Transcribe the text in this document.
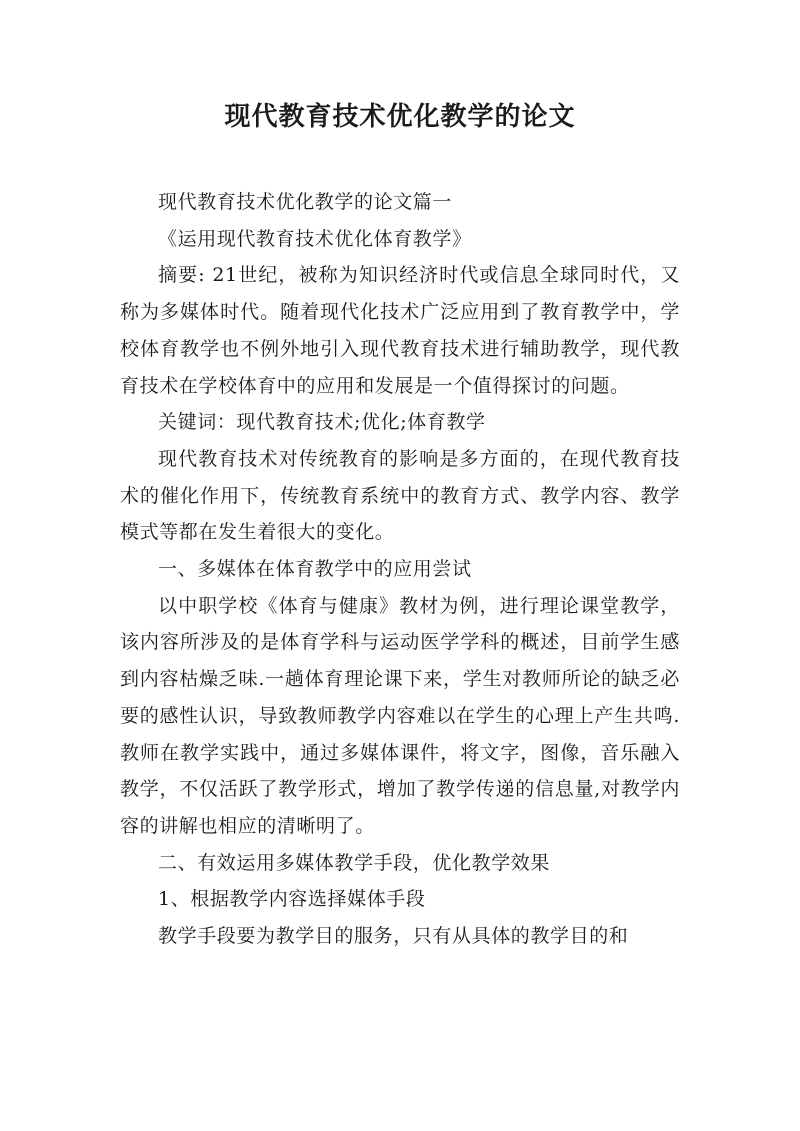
现代教育技术优化教学的论文

现代教育技术优化教学的论文篇一

《运用现代教育技术优化体育教学》

摘要: 21世纪，被称为知识经济时代或信息全球同时代，又称为多媒体时代。随着现代化技术广泛应用到了教育教学中，学校体育教学也不例外地引入现代教育技术进行辅助教学，现代教育技术在学校体育中的应用和发展是一个值得探讨的问题。

关键词：现代教育技术;优化;体育教学

现代教育技术对传统教育的影响是多方面的，在现代教育技术的催化作用下，传统教育系统中的教育方式、教学内容、教学模式等都在发生着很大的变化。

一、多媒体在体育教学中的应用尝试

以中职学校《体育与健康》教材为例，进行理论课堂教学，该内容所涉及的是体育学科与运动医学学科的概述，目前学生感到内容枯燥乏味.一趟体育理论课下来，学生对教师所论的缺乏必要的感性认识，导致教师教学内容难以在学生的心理上产生共鸣.教师在教学实践中，通过多媒体课件，将文字，图像，音乐融入教学，不仅活跃了教学形式，增加了教学传递的信息量,对教学内容的讲解也相应的清晰明了。

二、有效运用多媒体教学手段，优化教学效果

1、根据教学内容选择媒体手段

教学手段要为教学目的服务，只有从具体的教学目的和
